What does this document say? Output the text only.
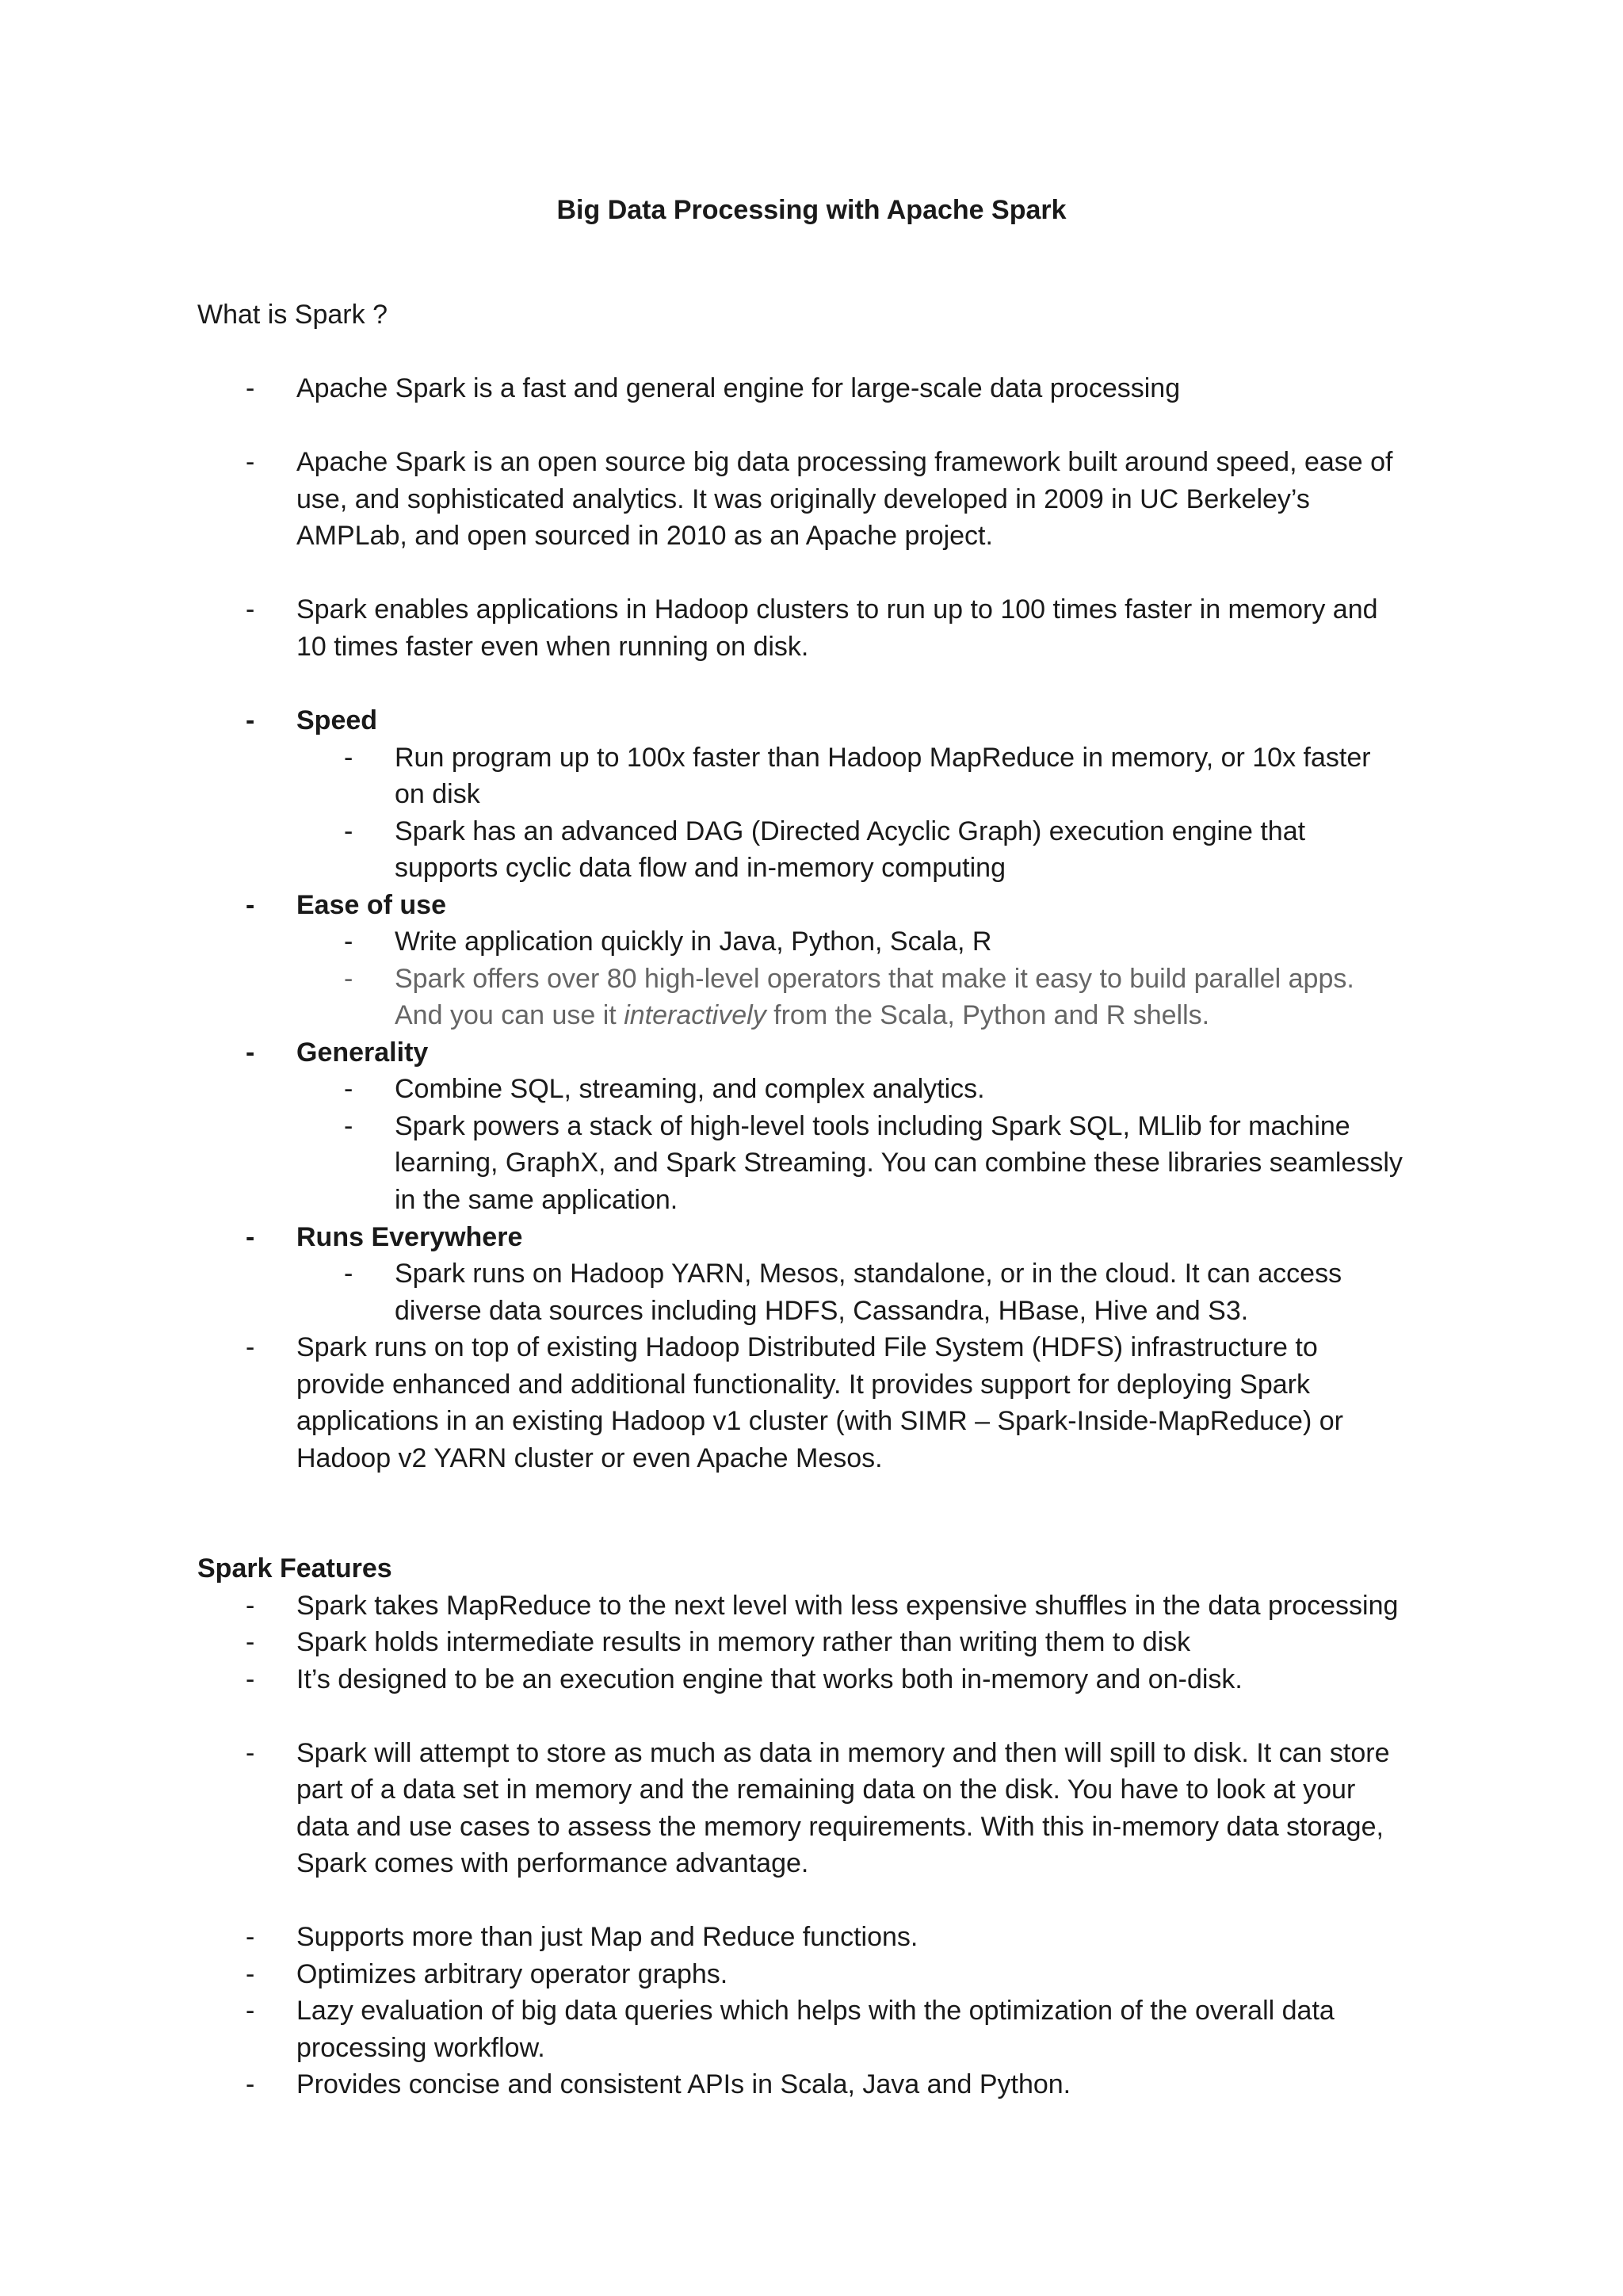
Big Data Processing with Apache Spark
What is Spark ?
- Apache Spark is a fast and general engine for large-scale data processing
- Apache Spark is an open source big data processing framework built around speed, ease of
use, and sophisticated analytics. It was originally developed in 2009 in UC Berkeley’s
AMPLab, and open sourced in 2010 as an Apache project.
- Spark enables applications in Hadoop clusters to run up to 100 times faster in memory and
10 times faster even when running on disk.
- Speed
- Run program up to 100x faster than Hadoop MapReduce in memory, or 10x faster
on disk
- Spark has an advanced DAG (Directed Acyclic Graph) execution engine that
supports cyclic data flow and in-memory computing
- Ease of use
- Write application quickly in Java, Python, Scala, R
- Spark offers over 80 high-level operators that make it easy to build parallel apps.
And you can use it interactively from the Scala, Python and R shells.
- Generality
- Combine SQL, streaming, and complex analytics.
- Spark powers a stack of high-level tools including Spark SQL, MLlib for machine
learning, GraphX, and Spark Streaming. You can combine these libraries seamlessly
in the same application.
- Runs Everywhere
- Spark runs on Hadoop YARN, Mesos, standalone, or in the cloud. It can access
diverse data sources including HDFS, Cassandra, HBase, Hive and S3.
- Spark runs on top of existing Hadoop Distributed File System (HDFS) infrastructure to
provide enhanced and additional functionality. It provides support for deploying Spark
applications in an existing Hadoop v1 cluster (with SIMR – Spark-Inside-MapReduce) or
Hadoop v2 YARN cluster or even Apache Mesos.
Spark Features
- Spark takes MapReduce to the next level with less expensive shuffles in the data processing
- Spark holds intermediate results in memory rather than writing them to disk
- It’s designed to be an execution engine that works both in-memory and on-disk.
- Spark will attempt to store as much as data in memory and then will spill to disk. It can store
part of a data set in memory and the remaining data on the disk. You have to look at your
data and use cases to assess the memory requirements. With this in-memory data storage,
Spark comes with performance advantage.
- Supports more than just Map and Reduce functions.
- Optimizes arbitrary operator graphs.
- Lazy evaluation of big data queries which helps with the optimization of the overall data
processing workflow.
- Provides concise and consistent APIs in Scala, Java and Python.
